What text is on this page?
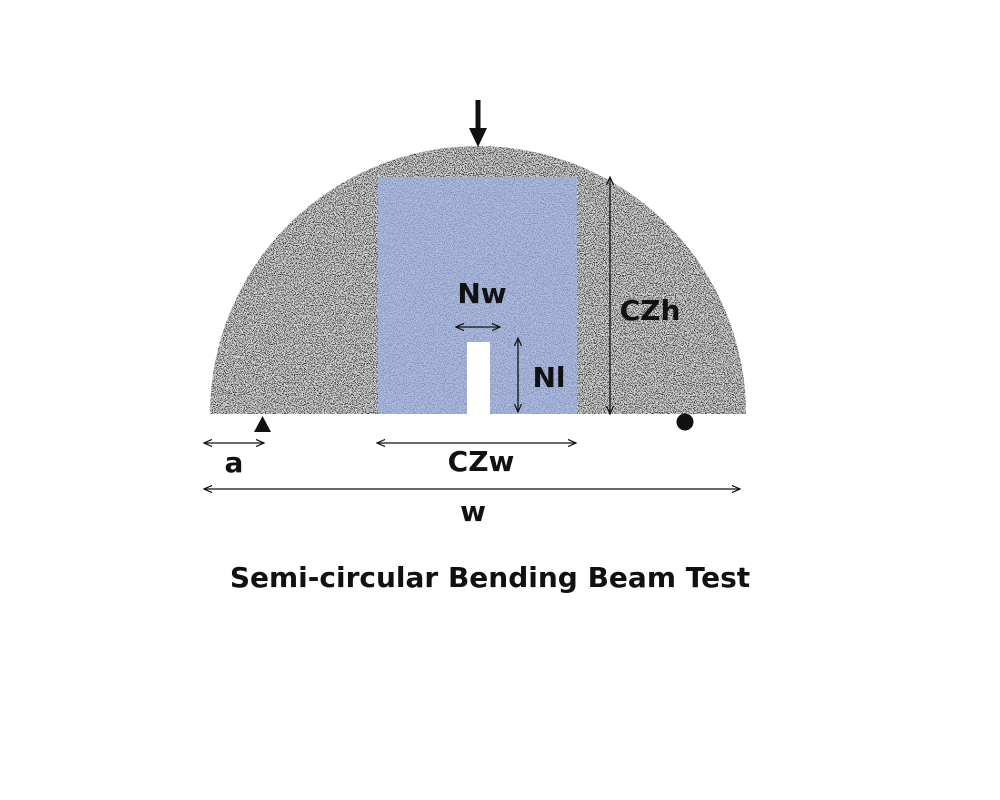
Nw
Nl
CZh
CZw
a
w
Semi-circular Bending Beam Test
